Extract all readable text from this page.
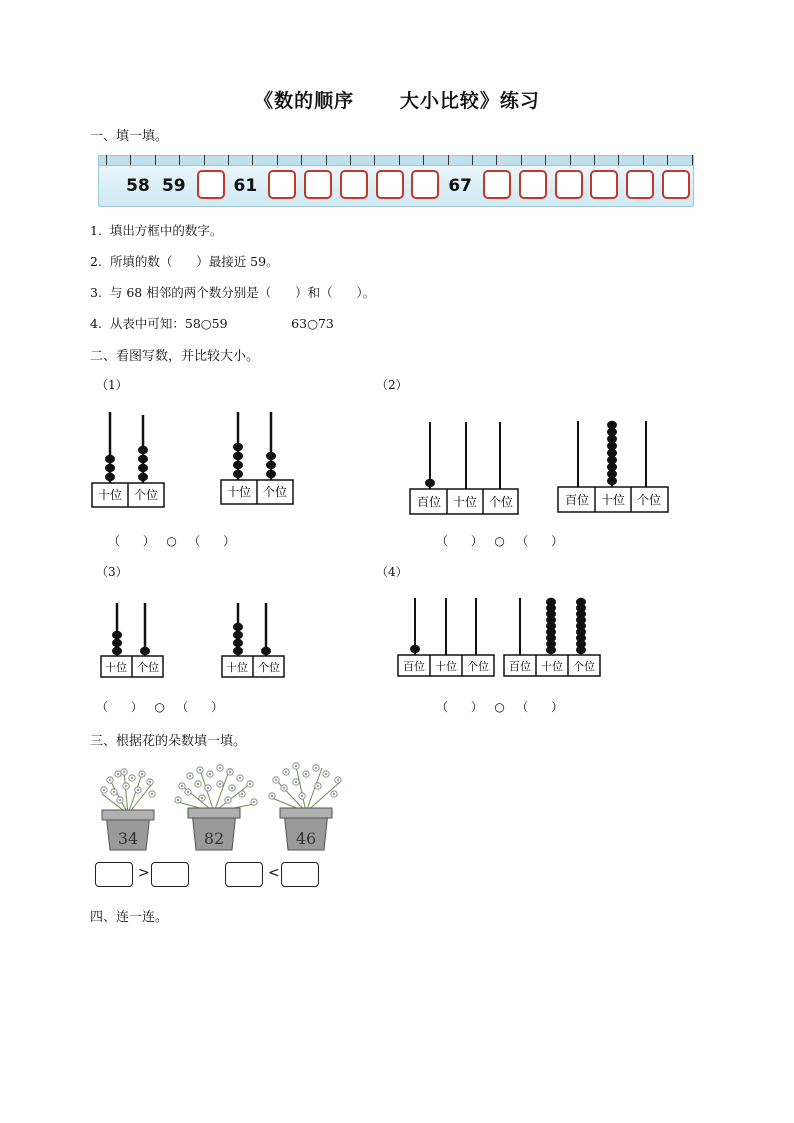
《数的顺序      大小比较》练习
一、填一填。
58 59	61	67
1.  填出方框中的数字。
2.  所填的数（      ）最接近 59。
3.  与 68 相邻的两个数分别是（      ）和（      ）。
4.  从表中可知：58○59                63○73
二、看图写数，并比较大小。
（1）	（2）
（3）	（4）
十位 个位	十位 个位
百位 十位 个位	百位 十位 个位
十位 个位	十位 个位	百位 十位 个位 百位 十位 个位
（      ）   ○   （      ）	（      ）   ○   （      ）
（      ）   ○   （      ）	（      ）   ○   （      ）
三、根据花的朵数填一填。
34	82	46
>	<
四、连一连。
